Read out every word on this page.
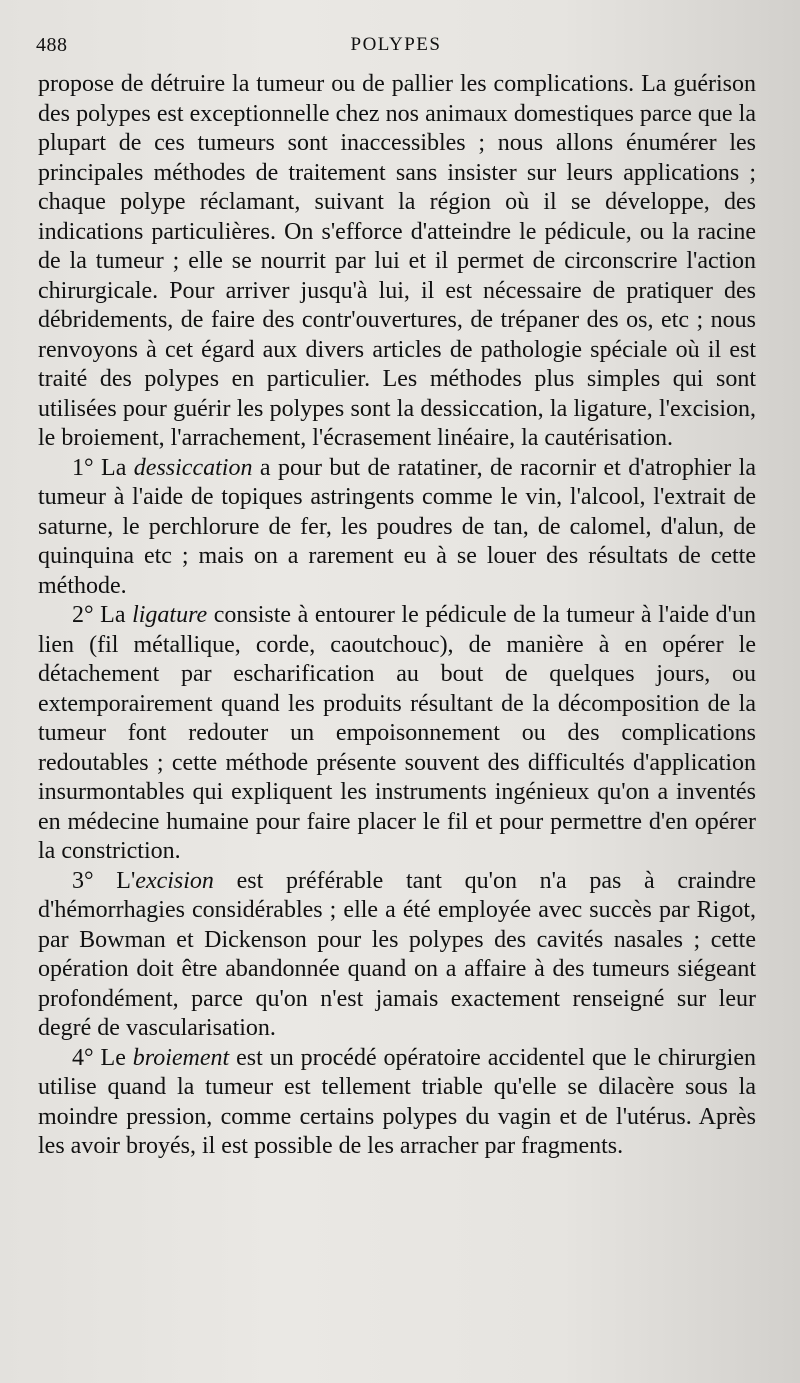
488	POLYPES

propose de détruire la tumeur ou de pallier les complications. La guérison des polypes est exceptionnelle chez nos animaux domestiques parce que la plupart de ces tumeurs sont inaccessibles ; nous allons énumérer les principales méthodes de traitement sans insister sur leurs applications ; chaque polype réclamant, suivant la région où il se développe, des indications particulières. On s'efforce d'atteindre le pédicule, ou la racine de la tumeur ; elle se nourrit par lui et il permet de circonscrire l'action chirurgicale. Pour arriver jusqu'à lui, il est nécessaire de pratiquer des débridements, de faire des contr'ouvertures, de trépaner des os, etc ; nous renvoyons à cet égard aux divers articles de pathologie spéciale où il est traité des polypes en particulier. Les méthodes plus simples qui sont utilisées pour guérir les polypes sont la dessiccation, la ligature, l'excision, le broiement, l'arrachement, l'écrasement linéaire, la cautérisation.

1° La dessiccation a pour but de ratatiner, de racornir et d'atrophier la tumeur à l'aide de topiques astringents comme le vin, l'alcool, l'extrait de saturne, le perchlorure de fer, les poudres de tan, de calomel, d'alun, de quinquina etc ; mais on a rarement eu à se louer des résultats de cette méthode.

2° La ligature consiste à entourer le pédicule de la tumeur à l'aide d'un lien (fil métallique, corde, caoutchouc), de manière à en opérer le détachement par escharification au bout de quelques jours, ou extemporairement quand les produits résultant de la décomposition de la tumeur font redouter un empoisonnement ou des complications redoutables ; cette méthode présente souvent des difficultés d'application insurmontables qui expliquent les instruments ingénieux qu'on a inventés en médecine humaine pour faire placer le fil et pour permettre d'en opérer la constriction.

3° L'excision est préférable tant qu'on n'a pas à craindre d'hémorrhagies considérables ; elle a été employée avec succès par Rigot, par Bowman et Dickenson pour les polypes des cavités nasales ; cette opération doit être abandonnée quand on a affaire à des tumeurs siégeant profondément, parce qu'on n'est jamais exactement renseigné sur leur degré de vascularisation.

4° Le broiement est un procédé opératoire accidentel que le chirurgien utilise quand la tumeur est tellement triable qu'elle se dilacère sous la moindre pression, comme certains polypes du vagin et de l'utérus. Après les avoir broyés, il est possible de les arracher par fragments.
